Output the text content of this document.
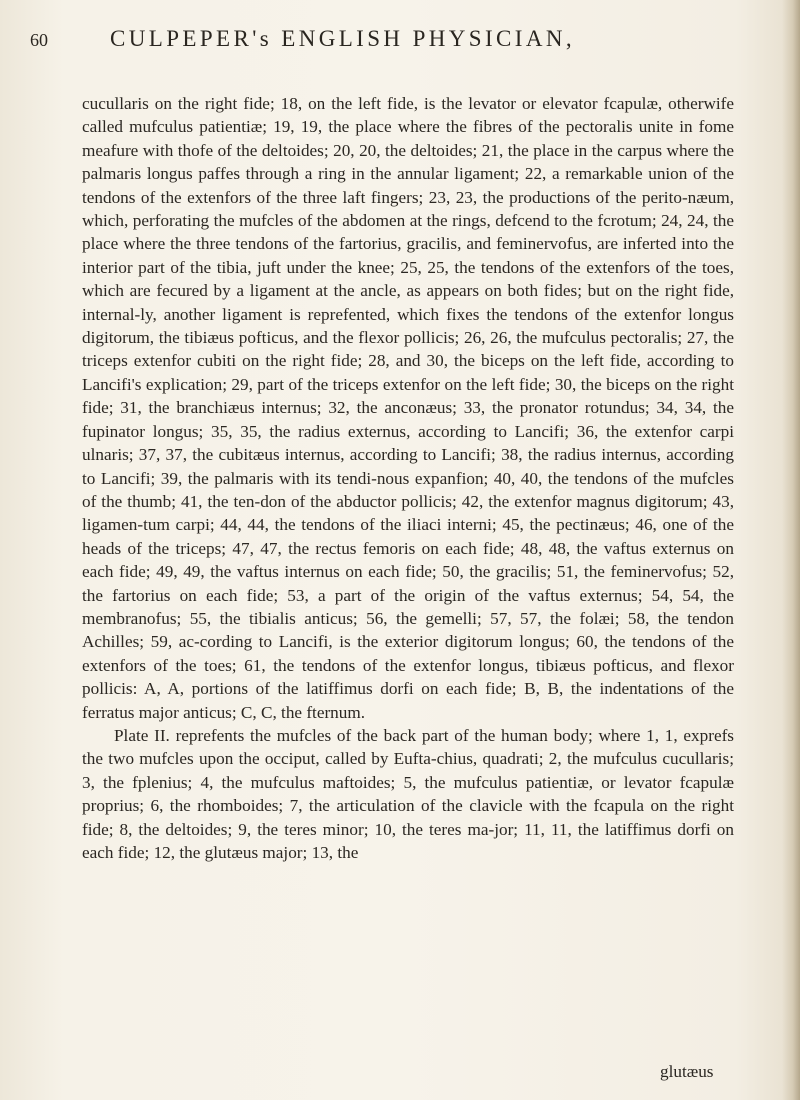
60	CULPEPER's ENGLISH PHYSICIAN,

cucullaris on the right fide; 18, on the left fide, is the levator or elevator fcapulæ, otherwife called mufculus patientiæ; 19, 19, the place where the fibres of the pectoralis unite in fome meafure with thofe of the deltoides; 20, 20, the deltoides; 21, the place in the carpus where the palmaris longus paffes through a ring in the annular ligament; 22, a remarkable union of the tendons of the extenfors of the three laft fingers; 23, 23, the productions of the perito-næum, which, perforating the mufcles of the abdomen at the rings, defcend to the fcrotum; 24, 24, the place where the three tendons of the fartorius, gracilis, and feminervofus, are inferted into the interior part of the tibia, juft under the knee; 25, 25, the tendons of the extenfors of the toes, which are fecured by a ligament at the ancle, as appears on both fides; but on the right fide, internal-ly, another ligament is reprefented, which fixes the tendons of the extenfor longus digitorum, the tibiæus pofticus, and the flexor pollicis; 26, 26, the mufculus pectoralis; 27, the triceps extenfor cubiti on the right fide; 28, and 30, the biceps on the left fide, according to Lancifi's explication; 29, part of the triceps extenfor on the left fide; 30, the biceps on the right fide; 31, the branchiæus internus; 32, the anconæus; 33, the pronator rotundus; 34, 34, the fupinator longus; 35, 35, the radius externus, according to Lancifi; 36, the extenfor carpi ulnaris; 37, 37, the cubitæus internus, according to Lancifi; 38, the radius internus, according to Lancifi; 39, the palmaris with its tendi-nous expanfion; 40, 40, the tendons of the mufcles of the thumb; 41, the ten-don of the abductor pollicis; 42, the extenfor magnus digitorum; 43, ligamen-tum carpi; 44, 44, the tendons of the iliaci interni; 45, the pectinæus; 46, one of the heads of the triceps; 47, 47, the rectus femoris on each fide; 48, 48, the vaftus externus on each fide; 49, 49, the vaftus internus on each fide; 50, the gracilis; 51, the feminervofus; 52, the fartorius on each fide; 53, a part of the origin of the vaftus externus; 54, 54, the membranofus; 55, the tibialis anticus; 56, the gemelli; 57, 57, the folæi; 58, the tendon Achilles; 59, ac-cording to Lancifi, is the exterior digitorum longus; 60, the tendons of the extenfors of the toes; 61, the tendons of the extenfor longus, tibiæus pofticus, and flexor pollicis: A, A, portions of the latiffimus dorfi on each fide; B, B, the indentations of the ferratus major anticus; C, C, the fternum.

Plate II. reprefents the mufcles of the back part of the human body; where 1, 1, exprefs the two mufcles upon the occiput, called by Eufta-chius, quadrati; 2, the mufculus cucullaris; 3, the fplenius; 4, the mufculus maftoides; 5, the mufculus patientiæ, or levator fcapulæ proprius; 6, the rhomboides; 7, the articulation of the clavicle with the fcapula on the right fide; 8, the deltoides; 9, the teres minor; 10, the teres ma-jor; 11, 11, the latiffimus dorfi on each fide; 12, the glutæus major; 13, the

glutæus
